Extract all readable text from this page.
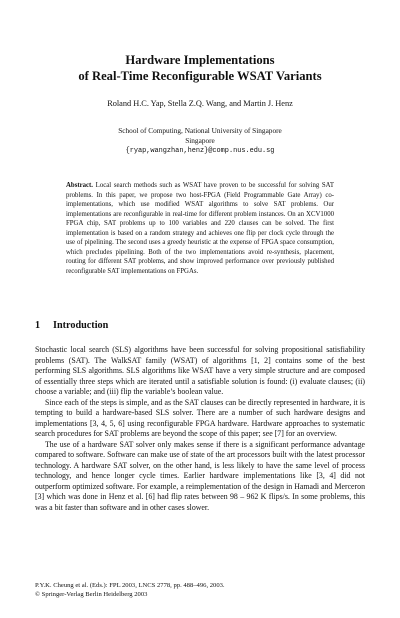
Hardware Implementations
of Real-Time Reconfigurable WSAT Variants
Roland H.C. Yap, Stella Z.Q. Wang, and Martin J. Henz
School of Computing, National University of Singapore
Singapore
{ryap,wangzhan,henz}@comp.nus.edu.sg
Abstract. Local search methods such as WSAT have proven to be successful for solving SAT problems. In this paper, we propose two host-FPGA (Field Programmable Gate Array) co-implementations, which use modified WSAT algorithms to solve SAT problems. Our implementations are reconfigurable in real-time for different problem instances. On an XCV1000 FPGA chip, SAT problems up to 100 variables and 220 clauses can be solved. The first implementation is based on a random strategy and achieves one flip per clock cycle through the use of pipelining. The second uses a greedy heuristic at the expense of FPGA space consumption, which precludes pipelining. Both of the two implementations avoid re-synthesis, placement, routing for different SAT problems, and show improved performance over previously published reconfigurable SAT implementations on FPGAs.
1 Introduction

Stochastic local search (SLS) algorithms have been successful for solving propositional satisfiability problems (SAT). The WalkSAT family (WSAT) of algorithms [1, 2] contains some of the best performing SLS algorithms. SLS algorithms like WSAT have a very simple structure and are composed of essentially three steps which are iterated until a satisfiable solution is found: (i) evaluate clauses; (ii) choose a variable; and (iii) flip the variable’s boolean value.

Since each of the steps is simple, and as the SAT clauses can be directly represented in hardware, it is tempting to build a hardware-based SLS solver. There are a number of such hardware designs and implementations [3, 4, 5, 6] using reconfigurable FPGA hardware. Hardware approaches to systematic search procedures for SAT problems are beyond the scope of this paper; see [7] for an overview.

The use of a hardware SAT solver only makes sense if there is a significant performance advantage compared to software. Software can make use of state of the art processors built with the latest processor technology. A hardware SAT solver, on the other hand, is less likely to have the same level of process technology, and hence longer cycle times. Earlier hardware implementations like [3, 4] did not outperform optimized software. For example, a reimplementation of the design in Hamadi and Merceron [3] which was done in Henz et al. [6] had flip rates between 98 – 962 K flips/s. In some problems, this was a bit faster than software and in other cases slower.

P.Y.K. Cheung et al. (Eds.): FPL 2003, LNCS 2778, pp. 488–496, 2003.
© Springer-Verlag Berlin Heidelberg 2003
